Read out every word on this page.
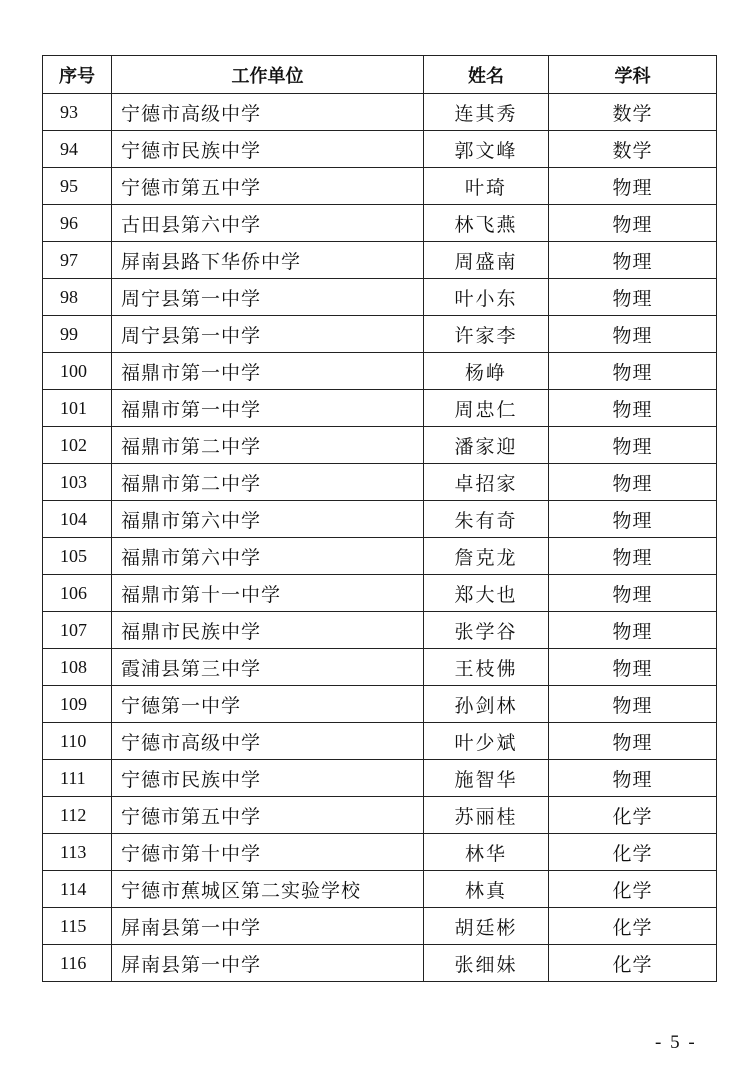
序号	工作单位	姓名	学科
93	宁德市高级中学	连其秀	数学
94	宁德市民族中学	郭文峰	数学
95	宁德市第五中学	叶琦	物理
96	古田县第六中学	林飞燕	物理
97	屏南县路下华侨中学	周盛南	物理
98	周宁县第一中学	叶小东	物理
99	周宁县第一中学	许家李	物理
100	福鼎市第一中学	杨峥	物理
101	福鼎市第一中学	周忠仁	物理
102	福鼎市第二中学	潘家迎	物理
103	福鼎市第二中学	卓招家	物理
104	福鼎市第六中学	朱有奇	物理
105	福鼎市第六中学	詹克龙	物理
106	福鼎市第十一中学	郑大也	物理
107	福鼎市民族中学	张学谷	物理
108	霞浦县第三中学	王枝佛	物理
109	宁德第一中学	孙剑林	物理
110	宁德市高级中学	叶少斌	物理
111	宁德市民族中学	施智华	物理
112	宁德市第五中学	苏丽桂	化学
113	宁德市第十中学	林华	化学
114	宁德市蕉城区第二实验学校	林真	化学
115	屏南县第一中学	胡廷彬	化学
116	屏南县第一中学	张细妹	化学
- 5 -
